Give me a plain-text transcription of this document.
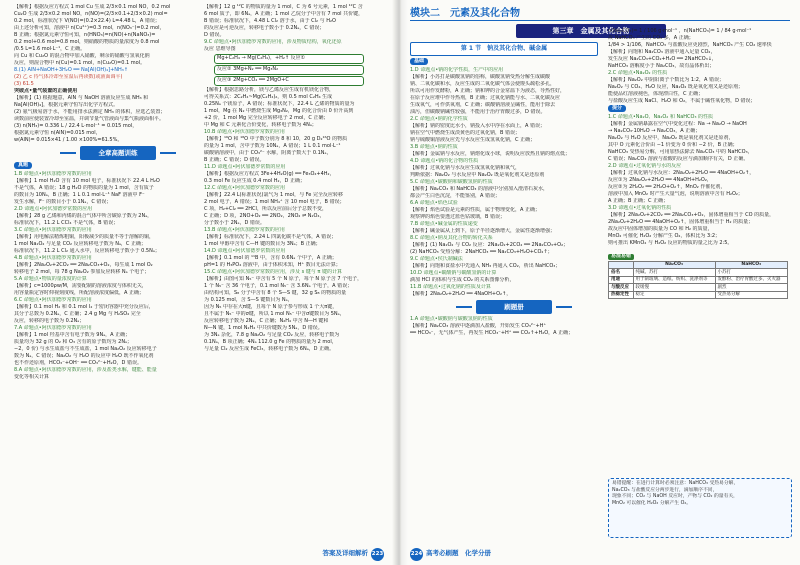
【解析】根据反应方程式 1 mol Cu 生成 2/3×0.1 mol NO，0.2 mol
Cu₂O 生成 2/3×0.2 mol NO，n(NO)=(2/3×0.1+2/3×0.2) mol=
0.2 mol，标准状况下 V(NO)=(0.2×22.4) L=4.48 L，A 错误；
由上述分析可知，溶液中 n(Cu²⁺)=0.3 mol，n(NO₃⁻)=0.2 mol，
B 正确；根据氮元素守恒可知，n(HNO₃)=n(NO)+n(NaNO₃)=
0.2 mol+0.6 mol=0.8 mol，则硝酸的物质的量浓度为 0.8 mol
/0.5 L=1.6 mol·L⁻¹，C 正确。
向 Cu 和 Cu₂O 的混合物中加入硝酸，剩余的硝酸与氢氧化钠
反应，则混合物中 n(Cu)=0.1 mol，n(Cu₂O)=0.1 mol。
8.(1) AlN+NaOH+3H₂O ══ Na[Al(OH)₄]+NH₃↑
(2) 乙 c 待气体冷却至室温后再读数(或液面调平)
(3) 61.5
突破点•量气装置的正确使用
【解析】(1) 根据题意，AlN 与 NaOH 溶液反应生成 NH₃ 和
Na[Al(OH)₄]，根据元素守恒写出化学方程式。
(2) 氨气极易溶于水，不能用排水法测定 NH₃ 的体积，应选乙装置；
读数前应使装置冷却至室温，并调节量气管液面与集气瓶液面相平。
(3) n(NH₃)= 0.336 L / 22.4 L·mol⁻¹ = 0.015 mol，
根据氮元素守恒 n(AlN)=0.015 mol，
w(AlN)= 0.015×41 / 1.00 ×100%=61.5%。
全章高题训练
真题
1.B 命题点•阿伏加德罗常数的应用
【解析】1 mol H₂O 含有 10 mol 电子，标准状况下 22.4 L H₂O
不是气体，A 错误；18 g H₂O 的物质的量为 1 mol，含有质子
的数目为 10Nₐ，B 正确；1 L 0.1 mol·L⁻¹ NaF 溶液中 F⁻
发生水解，F⁻ 的数目小于 0.1Nₐ，C 错误；
2.D 命题点•阿伏加德罗常数的应用
【解析】28 g 乙烯和丙烯的混合气体中所含碳原子数为 2Nₐ，
标准状况下，11.2 L CCl₄ 不是气体，B 错误；
3.C 命题点•阿伏加德罗常数的应用
【解析】用电解法精炼粗铜，阳极减少的质量不等于溶解的铜，
1 mol Na₂O₂ 与足量 CO₂ 反应转移电子数为 Nₐ，C 正确；
标准状况下，11.2 L Cl₂ 通入水中，反应转移电子数小于 0.5Nₐ；
4.B 命题点•阿伏加德罗常数的应用
【解析】2Na₂O₂+2CO₂ ══ 2Na₂CO₃+O₂，每生成 1 mol O₂
转移电子 2 mol，每 78 g Na₂O₂ 参加反应转移 Nₐ 个电子；
5.A 命题点•物质的量浓度的计算
【解析】c=1000ρw/M，需要配制的溶液浓度与体积无关，
用容量瓶定容时仰视刻度线，所配溶液浓度偏低，A 正确；
6.C 命题点•阿伏加德罗常数的应用
【解析】0.1 mol H₂ 和 0.1 mol I₂ 于密闭容器中充分反应后，
其分子总数为 0.2Nₐ，C 正确；2.4 g Mg 与 H₂SO₄ 完全
反应，转移的电子数为 0.2Nₐ；
7.A 命题点•阿伏加德罗常数的应用
【解析】1 mol 羟基中含有电子数为 9Nₐ，A 正确；
质量均为 32 g 的 O₂ 和 O₃ 含有的原子数均为 2Nₐ；
−2，0 价) 与水生成盐与不生成盐，1 mol Na₂O₂ 反应转移电子
数为 Nₐ，C 错误；Na₂O₂ 与 H₂O 的反应中 H₂O 既不作氧化剂
也不作还原剂，HCO₃⁻+OH⁻ ══ CO₃²⁻+H₂O，D 错误。
8.A 命题点•阿伏加德罗常数的应用，涉及盐类水解，键能、能量
变化等相关计算
【解析】12 g ¹²C 的物质的量为 1 mol，C 为 6 号元素，1 mol ¹²C 含
6 mol 质子，即 6Nₐ，A 正确；1 mol 乙烷分子中含有 7 mol 共价键，
B 错误；标准状况下，4.48 L Cl₂ 溶于水，由于 Cl₂ 与 H₂O
的反应是可逆反应，转移电子数小于 0.2Nₐ，C 错误；
D 错误。
9.C 命题点•阿伏加德罗常数的应用，涉及物质结构，氧化还原
反应 思维导图
Mg+C₂H₄ → Mg(C₂H₄)，+H₂↑ 反应①
反应② 3Mg+N₂ ══ Mg₃N₂
反应③ 2Mg+CO₂ ══ 2MgO+C
【解析】根据思路分析，镁与乙烯反应生成有机镁化合物，
可得关系式：2C₂H₄~Mg(C₂H₄)₂，则 0.5 mol C₂H₄ 生成
0.25Nₐ 个镁原子，A 错误；标准状况下，22.4 L 乙烯的物质的量为
1 mol，Mg 在 N₂ 中燃烧生成 Mg₃N₂，Mg 的化合价由 0 价升高到
+2 价，1 mol Mg 完全反应转移电子 2 mol，C 正确；
中 Mg 和 C 元素化合价变化，转移电子数为 4Nₐ；
10.B 命题点•阿伏加德罗常数的应用
【解析】¹⁶O 和 ¹⁸O 中子数分别为 8 和 10，20 g D₂¹⁶O 的物质
的量为 1 mol，含中子数为 10Nₐ，A 错误；1 L 0.1 mol·L⁻¹
碳酸钠溶液中，由于 CO₃²⁻ 水解，阴离子数大于 0.1Nₐ，
B 正确；C 错误；D 错误。
11.D 命题点•阿伏加德罗常数的应用
【解析】根据反应方程式 3Fe+4H₂O(g) ══ Fe₃O₄+4H₂，
0.3 mol Fe 反应生成 0.4 mol H₂，D 正确；
12.C 命题点•阿伏加德罗常数的应用
【解析】22.4 L(标准状况)氯气为 1 mol，与 Fe 完全反应转移
2 mol 电子，A 错误；1 mol NH₄⁺ 含 10 mol 电子，B 错误；
C 项，H₂+Cl₂ ══ 2HCl，所以反应前后分子总数不变，
C 正确；D 项，2NO+O₂ ══ 2NO₂，2NO₂ ⇌ N₂O₄，
分子数小于 2Nₐ，D 错误。
13.B 命题点•阿伏加德罗常数的应用
【解析】标准状况下，2.24 L 四氯化碳不是气体，A 错误；
1 mol 甲醇中含有 C—H 键的数目为 3Nₐ；B 正确；
14.D 命题点•阿伏加德罗常数的应用
【解析】0.1 mol 的 ¹¹B 中，含有 0.6Nₐ 个中子，A 正确；
pH=1 的 H₃PO₄ 溶液中，由于体积未知，H⁺ 数目无法计算；
15.C 命题点•阿伏加德罗常数的应用，涉及 s 键与 π 键的计算
【解析】由图可知 N₅⁻ 中含有 5 个 N 原子，每个 N 原子含 7 个电子，
1 个 N₅⁻ 含 36 个电子，0.1 mol N₅⁻ 含 3.6Nₐ 个电子，A 错误；
由结构可知，S₈ 分子中含有 8 个 S—S 键，32 g S₈ 的物质的量
为 0.125 mol，含 S—S 键数目为 Nₐ，
因为 N₅ 中存在大π键，且每个 N 原子参与形成 1 个大π键，
且不属于 N₅⁻ 中的σ键，所以 1 mol N₅⁻ 中含σ键数目为 5Nₐ，
反应转移电子数为 2Nₐ，C 正确；N₂H₄ 中含 N—H 键和
N—N 键，1 mol N₂H₄ 中共价键数为 5Nₐ，D 错误。
为 3Nₐ 杂化，7.8 g Na₂O₂ 与足量 CO₂ 反应，转移电子数为
0.1Nₐ，B 项正确；4Nₐ 112.0 g Fe 的物质的量为 2 mol，
与足量 Cl₂ 反应生成 FeCl₃，转移电子数为 6Nₐ，D 正确。
答案及详细解析 223
模块二　元素及其化合物
第三章　金属及其化合物
第 1 节　钠及其化合物、碱金属
基础
1.D 命题点•钠的化学性质，生产中的应用
【解析】小苏打是碳酸氢钠的俗称，碳酸氢钠受热分解生成碳酸
钠、二氧化碳和水，反应生成的二氧化碳气体会使馒头疏松多孔，
所以可用作发酵粉，A 正确；钠和钾的合金常温下为液态，导热性好，
在原子反应堆中作导热剂，B 正确；过氧化钠能与水、二氧化碳反应
生成氧气，可作供氧剂，C 正确；碳酸钠溶液呈碱性，能用于除去
油污，但碳酸钠碱性较强，不能用于治疗胃酸过多，D 错误。
2.C 命题点•钠的化学性质
【解析】钠的密度比水小，钠投入水中浮在水面上，A 错误；
钠在空气中燃烧生成淡黄色的过氧化钠，B 错误；
钠与硫酸铜溶液反应先与水反应生成氢氧化钠，C 正确；
3.B 命题点•钠的性质
【解析】金属钠与水反应，钠熔化成小球，说明反应放热且钠的熔点低；
4.D 命题点•钠的化合物的性质
【解析】过氧化钠与水反应生成氢氧化钠和氧气，
判断依据：Na₂O₂ 与水反应中 Na₂O₂ 既是氧化剂又是还原剂
5.C 命题点•碳酸钠和碳酸氢钠的性质
【解析】Na₂CO₃ 和 NaHCO₃ 的溶液中分别加入澄清石灰水，
都会产生白色沉淀，不能鉴别，A 错误；
6.A 命题点•焰色试验
【解析】焰色试验是元素的性质，属于物理变化，A 正确；
观察钾的焰色要透过蓝色钴玻璃，B 错误；
7.B 命题点•碱金属的性质递变
【解析】碱金属从上到下，原子半径逐渐增大，金属性逐渐增强；
8.C 命题点•钠及其化合物的转化关系
【解析】(1) Na₂O₂ 与 CO₂ 反应：2Na₂O₂+2CO₂ ══ 2Na₂CO₃+O₂；
(2) NaHCO₃ 受热分解：2NaHCO₃ ══ Na₂CO₃+H₂O+CO₂↑；
9.C 命题点•侯氏制碱法
【解析】向饱和食盐水中先通入 NH₃ 再通入 CO₂，析出 NaHCO₃；
10.D 命题点•碳酸钠与碳酸氢钠的计算
滴加 HCl 的体积与生成 CO₂ 的关系图像分析，
11.B 命题点•过氧化钠的性质及计算
【解析】2Na₂O₂+2H₂O ══ 4NaOH+O₂↑，
刷题册
1.A 命题点•碳酸钠与碳酸氢钠的性质
【解析】Na₂CO₃ 溶液中逐滴加入盐酸，开始发生 CO₃²⁻+H⁺
══ HCO₃⁻，无气体产生，再发生 HCO₃⁻+H⁺ ══ CO₂↑+H₂O，A 正确；
n(Na₂CO₃)= 1 / 106 g·mol⁻¹ ，n(NaHCO₃)= 1 / 84 g·mol⁻¹
故 NaHCO₃ 产生的 CO₂ 多，A 正确；
1/84 > 1/106，NaHCO₃ 与盐酸反应更剧烈，NaHCO₃ 产生 CO₂ 速率快
【解析】向饱和 Na₂CO₃ 溶液中通入足量 CO₂，
发生反应 Na₂CO₃+CO₂+H₂O ══ 2NaHCO₃↓，
NaHCO₃ 溶解度小于 Na₂CO₃，故有晶体析出；
2.C 命题点•Na₂O₂ 的性质
【解析】Na₂O₂ 中阴阳离子个数比为 1:2，A 错误；
Na₂O₂ 与 CO₂、H₂O 反应，Na₂O₂ 既是氧化剂又是还原剂；
能使品红溶液褪色，体现漂白性，C 正确；
与盐酸反应生成 NaCl、H₂O 和 O₂，不属于碱性氧化物，D 错误；
提分
1.C 命题点•Na₂O、Na₂O₂ 和 NaHCO₃ 的性质
【解析】金属钠暴露在空气中变化过程：Na → Na₂O → NaOH
→ Na₂CO₃·10H₂O → Na₂CO₃，A 正确；
Na₂O₂ 与 H₂O 反应中，Na₂O₂ 既是氧化剂又是还原剂，
其中 O 元素化合价由 −1 价变为 0 价和 −2 价，B 正确；
NaHCO₃ 受热易分解，可用加热法除去 Na₂CO₃ 中的 NaHCO₃，
C 错误；Na₂CO₃ 溶液与盐酸的反应与滴加顺序有关，D 正确。
2.D 命题点•过氧化钠与水的反应
【解析】过氧化钠与水反应：2Na₂O₂+2H₂O ══ 4NaOH+O₂↑，
反应①为 2Na₂O₂+2H₂O ══ 4NaOH+H₂O₂，
反应②为 2H₂O₂ ══ 2H₂O+O₂↑，MnO₂ 作催化剂，
溶液中加入 MnO₂ 时产生大量气泡，说明溶液中含有 H₂O₂；
A 正确；B 正确；C 正确；
3.D 命题点•过氧化钠的性质
【解析】2Na₂O₂+2CO₂ ══ 2Na₂CO₃+O₂，固体增重相当于 CO 的质量，
2Na₂O₂+2H₂O ══ 4NaOH+O₂↑，固体增重相当于 H₂ 的质量；
故反应中固体增加的质量为 CO 和 H₂ 的质量，
MnO₂ 可催化 H₂O₂ 分解产生 O₂，体积比为 3:2；
则可推出 KMnO₄ 与 H₂O₂ 反应的物质的量之比为 2:5。
易混易错
	Na₂CO₃	NaHCO₃
俗名	纯碱、苏打	小苏打
用途	用于制玻璃、造纸、纺织、洗涤剂等	发酵粉、治疗胃酸过多、灭火器
与酸反应	较缓慢	剧烈
热稳定性	稳定	受热易分解
易错提醒：在进行计算时必须注意：NaHCO₃ 受热易分解，
Na₂CO₃ 与盐酸反应分两步进行，滴加顺序不同，
现象不同；CO₂ 与 NaOH 反应时，产物与 CO₂ 的量有关，
MnO₂ 可以催化 H₂O₂ 分解产生 O₂。
224 高考必刷题　化学分册
